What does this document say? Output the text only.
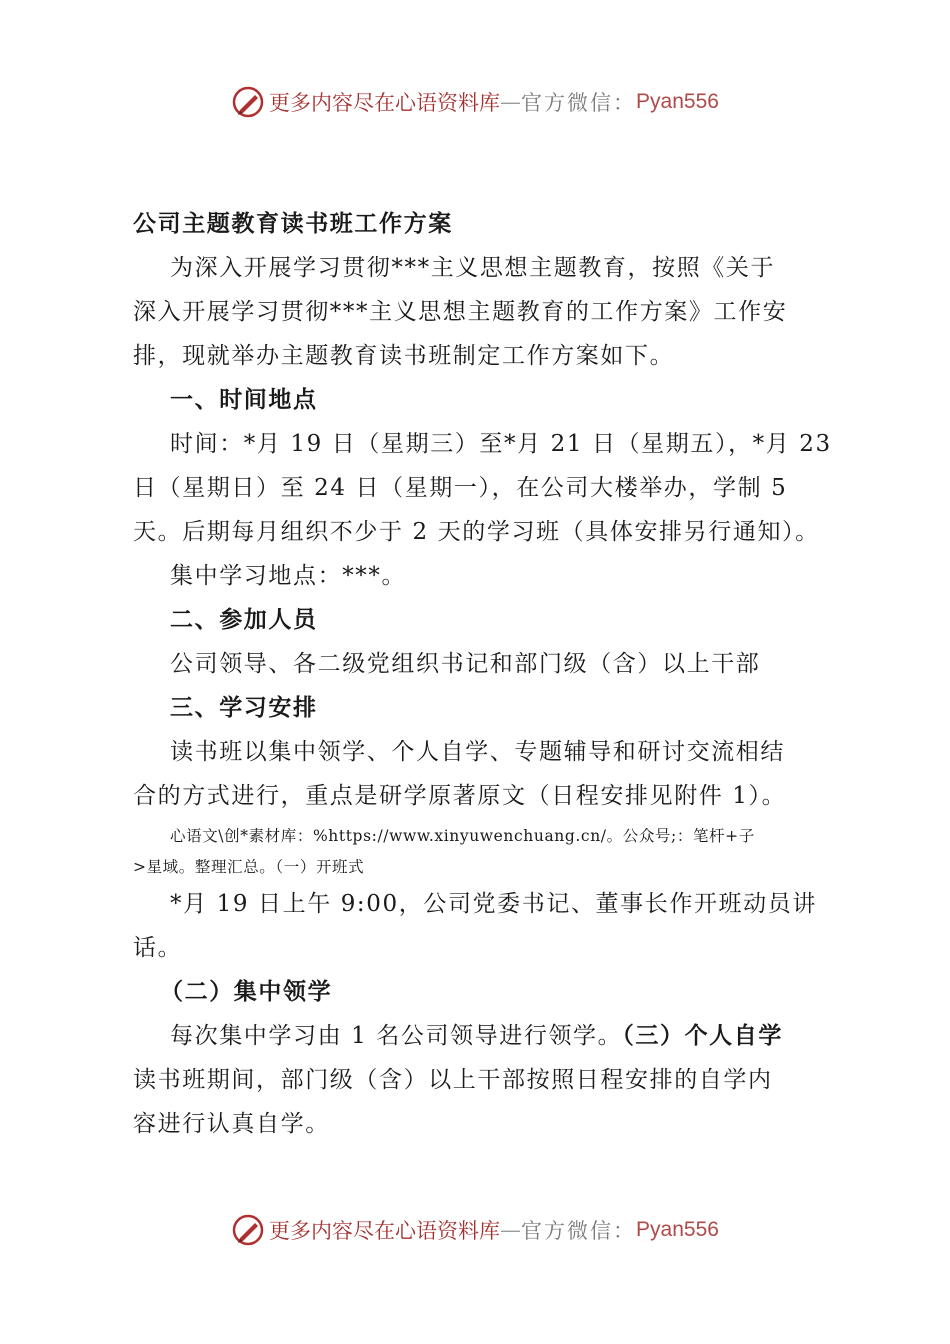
更多内容尽在心语资料库 — 官方微信： Pyan556
公司主题教育读书班工作方案
为深入开展学习贯彻***主义思想主题教育，按照《关于
深入开展学习贯彻***主义思想主题教育的工作方案》工作安
排，现就举办主题教育读书班制定工作方案如下。
一、时间地点
时间：*月 19 日（星期三）至*月 21 日（星期五），*月 23
日（星期日）至 24 日（星期一），在公司大楼举办，学制 5
天。后期每月组织不少于 2 天的学习班（具体安排另行通知）。
集中学习地点：***。
二、参加人员
公司领导、各二级党组织书记和部门级（含）以上干部
三、学习安排
读书班以集中领学、个人自学、专题辅导和研讨交流相结
合的方式进行，重点是研学原著原文（日程安排见附件 1）。
心语文\创*素材库：%https://www.xinyuwenchuang.cn/。公众号;：笔杆+子
>星域。整理汇总。（一）开班式
*月 19 日上午 9:00，公司党委书记、董事长作开班动员讲
话。
（二）集中领学
每次集中学习由 1 名公司领导进行领学。（三）个人自学
读书班期间，部门级（含）以上干部按照日程安排的自学内
容进行认真自学。
更多内容尽在心语资料库 — 官方微信： Pyan556
